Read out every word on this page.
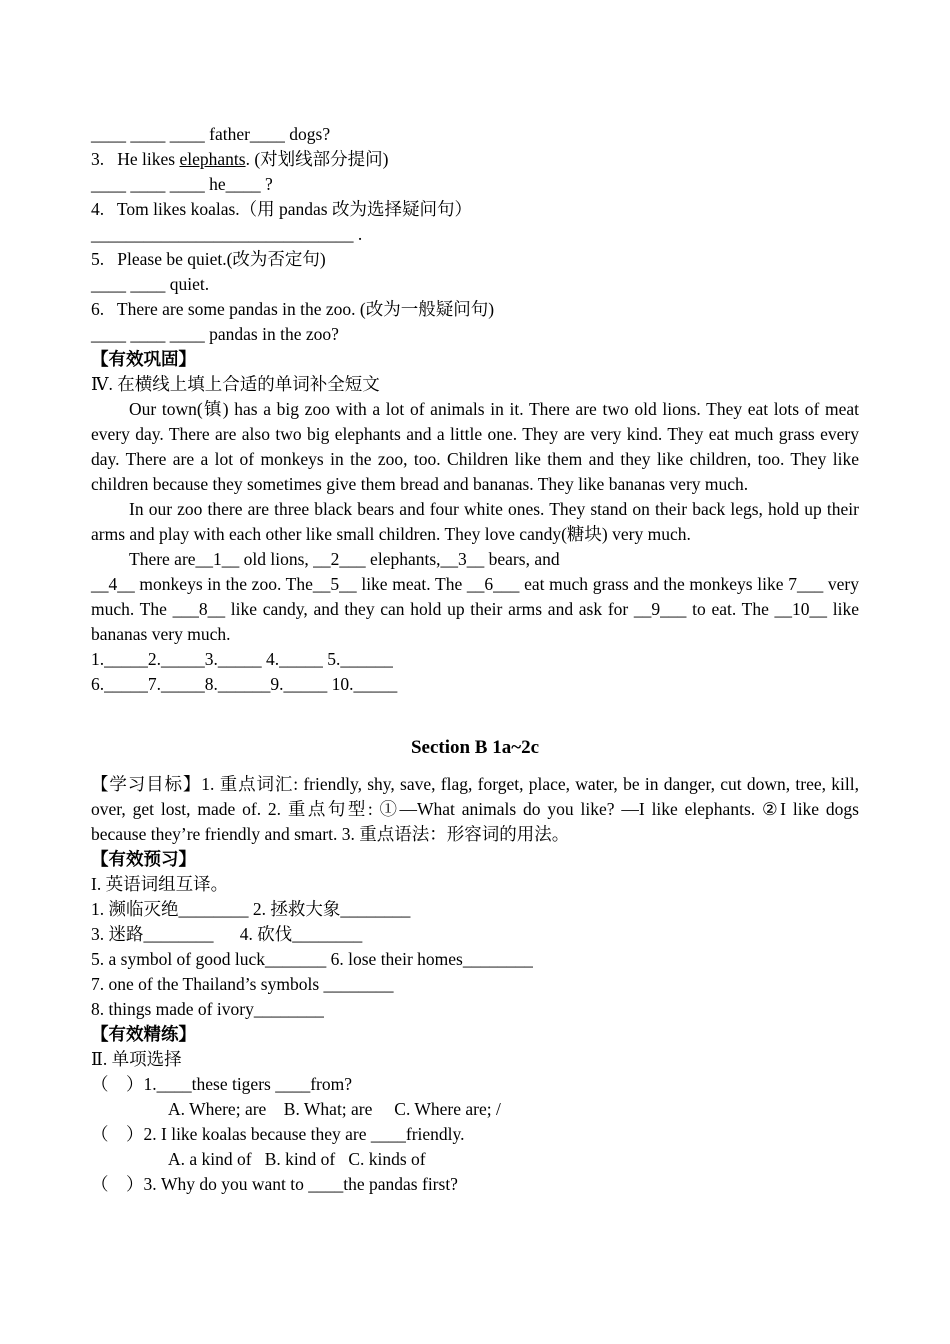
____ ____ ____ father____ dogs?
3.   He likes elephants. (对划线部分提问)
____ ____ ____ he____ ?
4.   Tom likes koalas.（用 pandas 改为选择疑问句）
______________________________ .
5.   Please be quiet.(改为否定句)
____ ____ quiet.
6.   There are some pandas in the zoo. (改为一般疑问句)
____ ____ ____ pandas in the zoo?
【有效巩固】
Ⅳ. 在横线上填上合适的单词补全短文
Our town(镇) has a big zoo with a lot of animals in it. There are two old lions. They eat lots of meat every day. There are also two big elephants and a little one. They are very kind. They eat much grass every day. There are a lot of monkeys in the zoo, too. Children like them and they like children, too. They like children because they sometimes give them bread and bananas. They like bananas very much.
In our zoo there are three black bears and four white ones. They stand on their back legs, hold up their arms and play with each other like small children. They love candy(糖块) very much.
There are__1__ old lions, __2___ elephants,__3__ bears, and
__4__ monkeys in the zoo. The__5__ like meat. The __6___ eat much grass and the monkeys like 7___ very much. The ___8__ like candy, and they can hold up their arms and ask for __9___ to eat. The __10__ like bananas very much.
1._____2._____3._____ 4._____ 5.______
6._____7._____8.______9._____ 10._____
Section B 1a~2c
【学习目标】1. 重点词汇: friendly, shy, save, flag, forget, place, water, be in danger, cut down, tree, kill, over, get lost, made of. 2. 重点句型: ①—What animals do you like? —I like elephants. ②I like dogs because they’re friendly and smart. 3. 重点语法：形容词的用法。
【有效预习】
I. 英语词组互译。
1. 濒临灭绝________ 2. 拯救大象________
3. 迷路________      4. 砍伐________
5. a symbol of good luck_______ 6. lose their homes________
7. one of the Thailand’s symbols ________
8. things made of ivory________
【有效精练】
Ⅱ. 单项选择
（    ）1.____these tigers ____from?
A. Where; are    B. What; are     C. Where are; /
（    ）2. I like koalas because they are ____friendly.
A. a kind of   B. kind of   C. kinds of
（    ）3. Why do you want to ____the pandas first?
